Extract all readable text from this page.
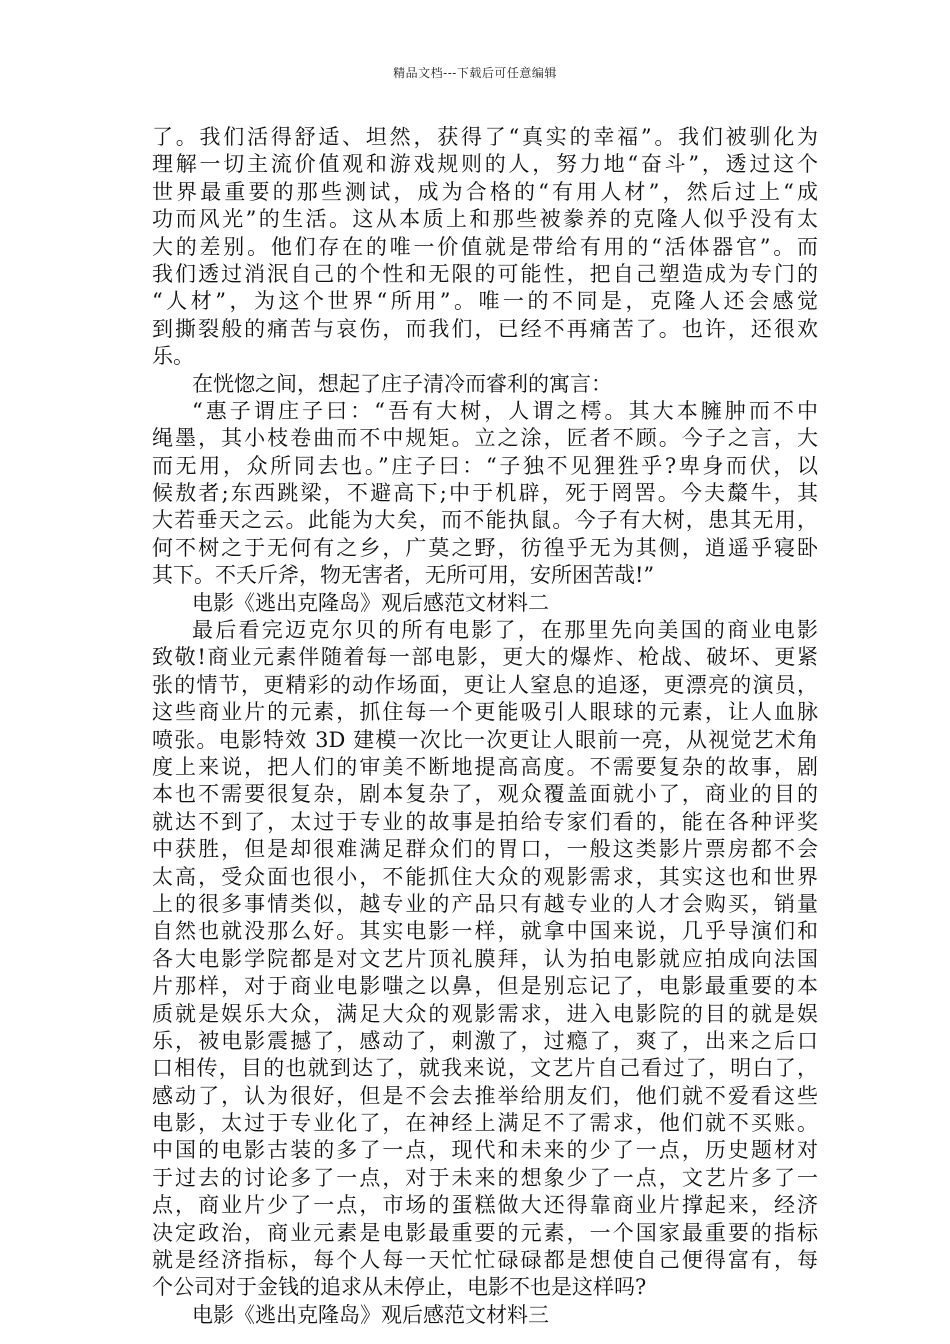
精品文档---下载后可任意编辑
了。我们活得舒适、坦然，获得了“真实的幸福”。我们被驯化为
理解一切主流价值观和游戏规则的人，努力地“奋斗”，透过这个
世界最重要的那些测试，成为合格的“有用人材”，然后过上“成
功而风光”的生活。这从本质上和那些被豢养的克隆人似乎没有太
大的差别。他们存在的唯一价值就是带给有用的“活体器官”。而
我们透过消泯自己的个性和无限的可能性，把自己塑造成为专门的
“人材”，为这个世界“所用”。唯一的不同是，克隆人还会感觉
到撕裂般的痛苦与哀伤，而我们，已经不再痛苦了。也许，还很欢
乐。
在恍惚之间，想起了庄子清冷而睿利的寓言：
“惠子谓庄子曰：“吾有大树，人谓之樗。其大本臃肿而不中
绳墨，其小枝卷曲而不中规矩。立之涂，匠者不顾。今子之言，大
而无用，众所同去也。”庄子曰：“子独不见狸狌乎?卑身而伏，以
候敖者;东西跳梁，不避高下;中于机辟，死于罔罟。今夫斄牛，其
大若垂天之云。此能为大矣，而不能执鼠。今子有大树，患其无用，
何不树之于无何有之乡，广莫之野，彷徨乎无为其侧，逍遥乎寝卧
其下。不夭斤斧，物无害者，无所可用，安所困苦哉!”
电影《逃出克隆岛》观后感范文材料二
最后看完迈克尔贝的所有电影了，在那里先向美国的商业电影
致敬!商业元素伴随着每一部电影，更大的爆炸、枪战、破坏、更紧
张的情节，更精彩的动作场面，更让人窒息的追逐，更漂亮的演员，
这些商业片的元素，抓住每一个更能吸引人眼球的元素，让人血脉
喷张。电影特效 3D 建模一次比一次更让人眼前一亮，从视觉艺术角
度上来说，把人们的审美不断地提高高度。不需要复杂的故事，剧
本也不需要很复杂，剧本复杂了，观众覆盖面就小了，商业的目的
就达不到了，太过于专业的故事是拍给专家们看的，能在各种评奖
中获胜，但是却很难满足群众们的胃口，一般这类影片票房都不会
太高，受众面也很小，不能抓住大众的观影需求，其实这也和世界
上的很多事情类似，越专业的产品只有越专业的人才会购买，销量
自然也就没那么好。其实电影一样，就拿中国来说，几乎导演们和
各大电影学院都是对文艺片顶礼膜拜，认为拍电影就应拍成向法国
片那样，对于商业电影嗤之以鼻，但是别忘记了，电影最重要的本
质就是娱乐大众，满足大众的观影需求，进入电影院的目的就是娱
乐，被电影震撼了，感动了，刺激了，过瘾了，爽了，出来之后口
口相传，目的也就到达了，就我来说，文艺片自己看过了，明白了，
感动了，认为很好，但是不会去推举给朋友们，他们就不爱看这些
电影，太过于专业化了，在神经上满足不了需求，他们就不买账。
中国的电影古装的多了一点，现代和未来的少了一点，历史题材对
于过去的讨论多了一点，对于未来的想象少了一点，文艺片多了一
点，商业片少了一点，市场的蛋糕做大还得靠商业片撑起来，经济
决定政治，商业元素是电影最重要的元素，一个国家最重要的指标
就是经济指标，每个人每一天忙忙碌碌都是想使自己便得富有，每
个公司对于金钱的追求从未停止，电影不也是这样吗?
电影《逃出克隆岛》观后感范文材料三
